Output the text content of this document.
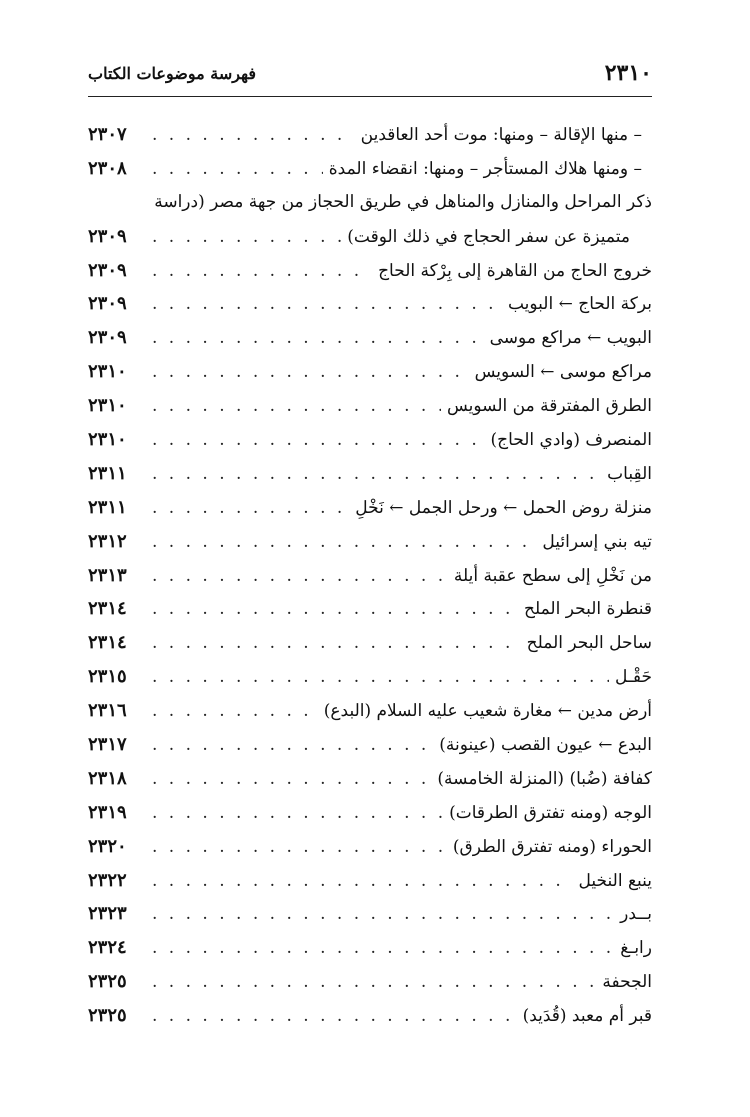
٢٣١٠
فهرسة موضوعات الكتاب
– منها الإقالة – ومنها: موت أحد العاقدين
. . .
٢٣٠٧
– ومنها هلاك المستأجر – ومنها: انقضاء المدة
. . .
٢٣٠٨
ذكر المراحل والمنازل والمناهل في طريق الحجاز من جهة مصر (دراسة
متميزة عن سفر الحجاج في ذلك الوقت)
. . .
٢٣٠٩
خروج الحاج من القاهرة إلى بِرْكة الحاج
. . .
٢٣٠٩
بركة الحاج ← البويب
. . .
٢٣٠٩
البويب ← مراكع موسى
. . .
٢٣٠٩
مراكع موسى ← السويس
. . .
٢٣١٠
الطرق المفترقة من السويس
. . .
٢٣١٠
المنصرف (وادي الحاج)
. . .
٢٣١٠
القِباب
. . .
٢٣١١
منزلة روض الحمل ← ورحل الجمل ← نَخْلِ
. . .
٢٣١١
تيه بني إسرائيل
. . .
٢٣١٢
من نَخْلِ إلى سطح عقبة أيلة
. . .
٢٣١٣
قنطرة البحر الملح
. . .
٢٣١٤
ساحل البحر الملح
. . .
٢٣١٤
حَقْـل
. . .
٢٣١٥
أرض مدين ← مغارة شعيب عليه السلام (البدع)
. . .
٢٣١٦
البدع ← عيون القصب (عينونة)
. . .
٢٣١٧
كفافة (ضُبا) (المنزلة الخامسة)
. . .
٢٣١٨
الوجه (ومنه تفترق الطرقات)
. . .
٢٣١٩
الحوراء (ومنه تفترق الطرق)
. . .
٢٣٢٠
ينبع النخيل
. . .
٢٣٢٢
بــدر
. . .
٢٣٢٣
رابـغ
. . .
٢٣٢٤
الجحفة
. . .
٢٣٢٥
قبر أم معبد (قُدَيد)
. . .
٢٣٢٥
